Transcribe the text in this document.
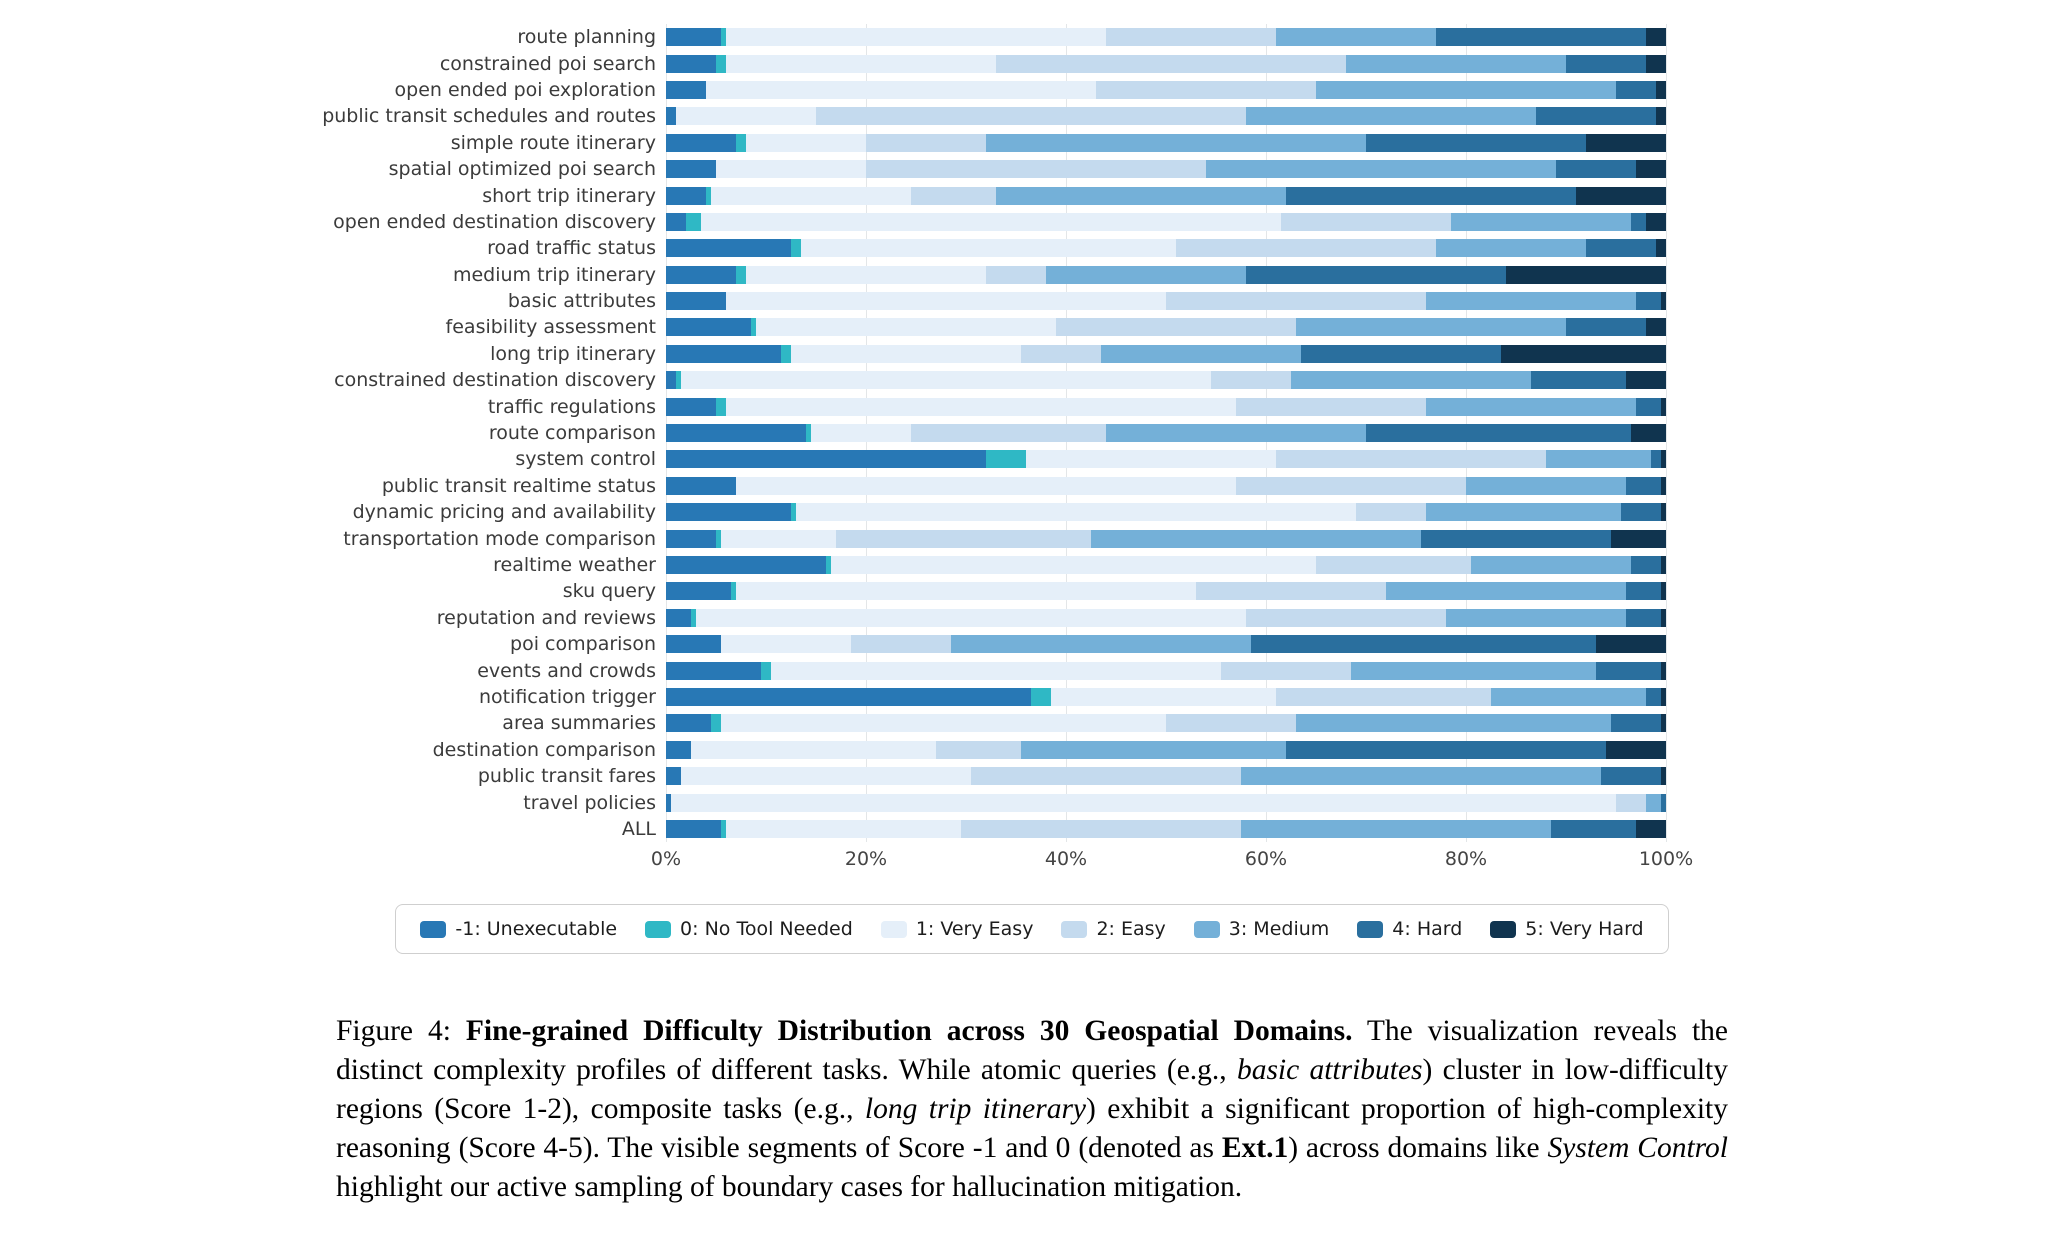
route planning
constrained poi search
open ended poi exploration
public transit schedules and routes
simple route itinerary
spatial optimized poi search
short trip itinerary
open ended destination discovery
road traffic status
medium trip itinerary
basic attributes
feasibility assessment
long trip itinerary
constrained destination discovery
traffic regulations
route comparison
system control
public transit realtime status
dynamic pricing and availability
transportation mode comparison
realtime weather
sku query
reputation and reviews
poi comparison
events and crowds
notification trigger
area summaries
destination comparison
public transit fares
travel policies
ALL
0%	20%	40%	60%	80%	100%
-1: Unexecutable	0: No Tool Needed	1: Very Easy	2: Easy	3: Medium	4: Hard	5: Very Hard

Figure 4: Fine-grained Difficulty Distribution across 30 Geospatial Domains. The visualization reveals the distinct complexity profiles of different tasks. While atomic queries (e.g., basic attributes) cluster in low-difficulty regions (Score 1-2), composite tasks (e.g., long trip itinerary) exhibit a significant proportion of high-complexity reasoning (Score 4-5). The visible segments of Score -1 and 0 (denoted as Ext.1) across domains like System Control highlight our active sampling of boundary cases for hallucination mitigation.
